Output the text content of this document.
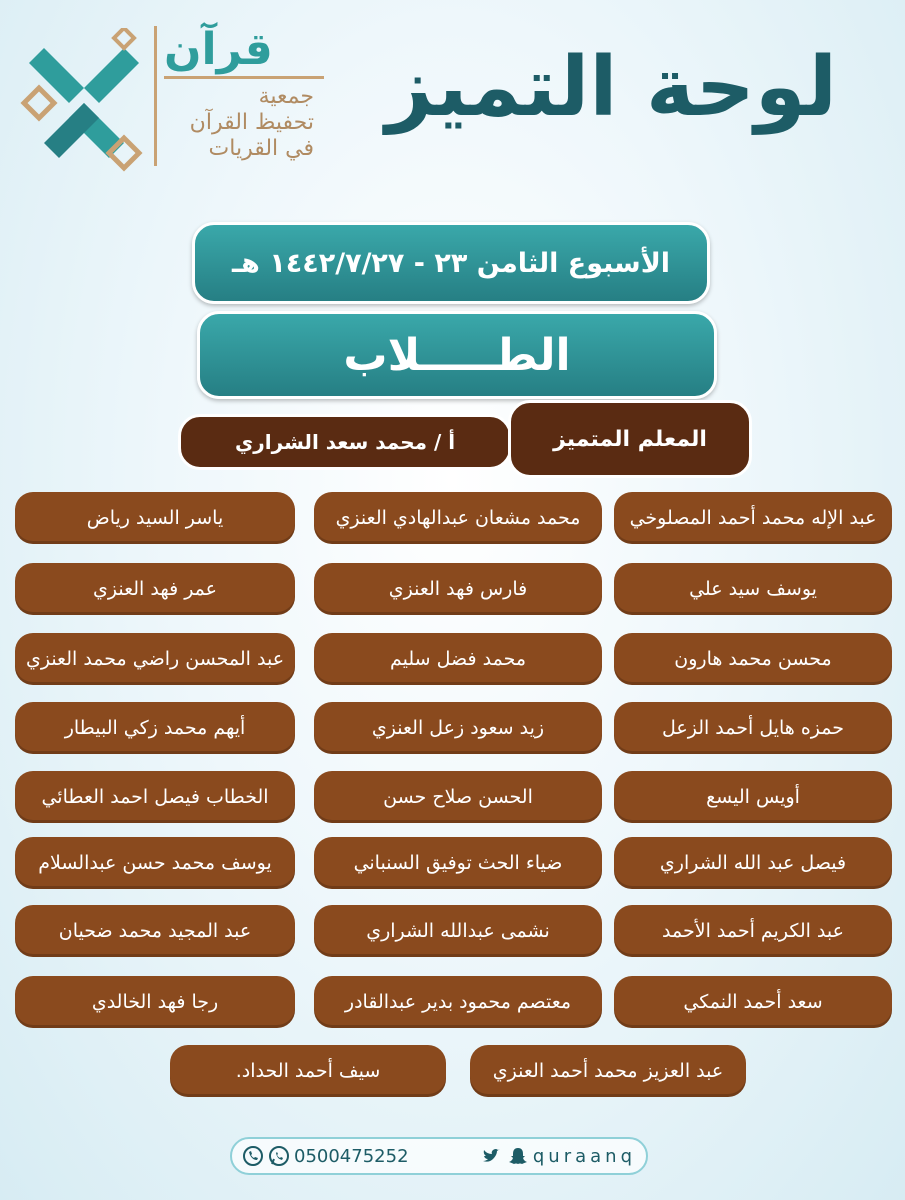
قرآن
جمعية
تحفيظ القرآن
في القريات
لوحة التميز
الأسبوع الثامن ٢٣ - ١٤٤٢/٧/٢٧ هـ
الطـــــلاب
أ / محمد سعد الشراري	المعلم المتميز
عبد الإله محمد أحمد المصلوخي
يوسف سيد علي
محسن محمد هارون
حمزه هايل أحمد الزعل
أويس اليسع
فيصل عبد الله الشراري
عبد الكريم أحمد الأحمد
سعد أحمد النمكي
محمد مشعان عبدالهادي العنزي
فارس فهد العنزي
محمد فضل سليم
زيد سعود زعل العنزي
الحسن صلاح حسن
ضياء الحث توفيق السنباني
نشمى عبدالله الشراري
معتصم محمود بدير عبدالقادر
ياسر السيد رياض
عمر فهد العنزي
عبد المحسن راضي محمد العنزي
أيهم محمد زكي البيطار
الخطاب فيصل احمد العطائي
يوسف محمد حسن عبدالسلام
عبد المجيد محمد ضحيان
رجا فهد الخالدي
عبد العزيز محمد أحمد العنزي
سيف أحمد الحداد.
0500475252	quraanq
